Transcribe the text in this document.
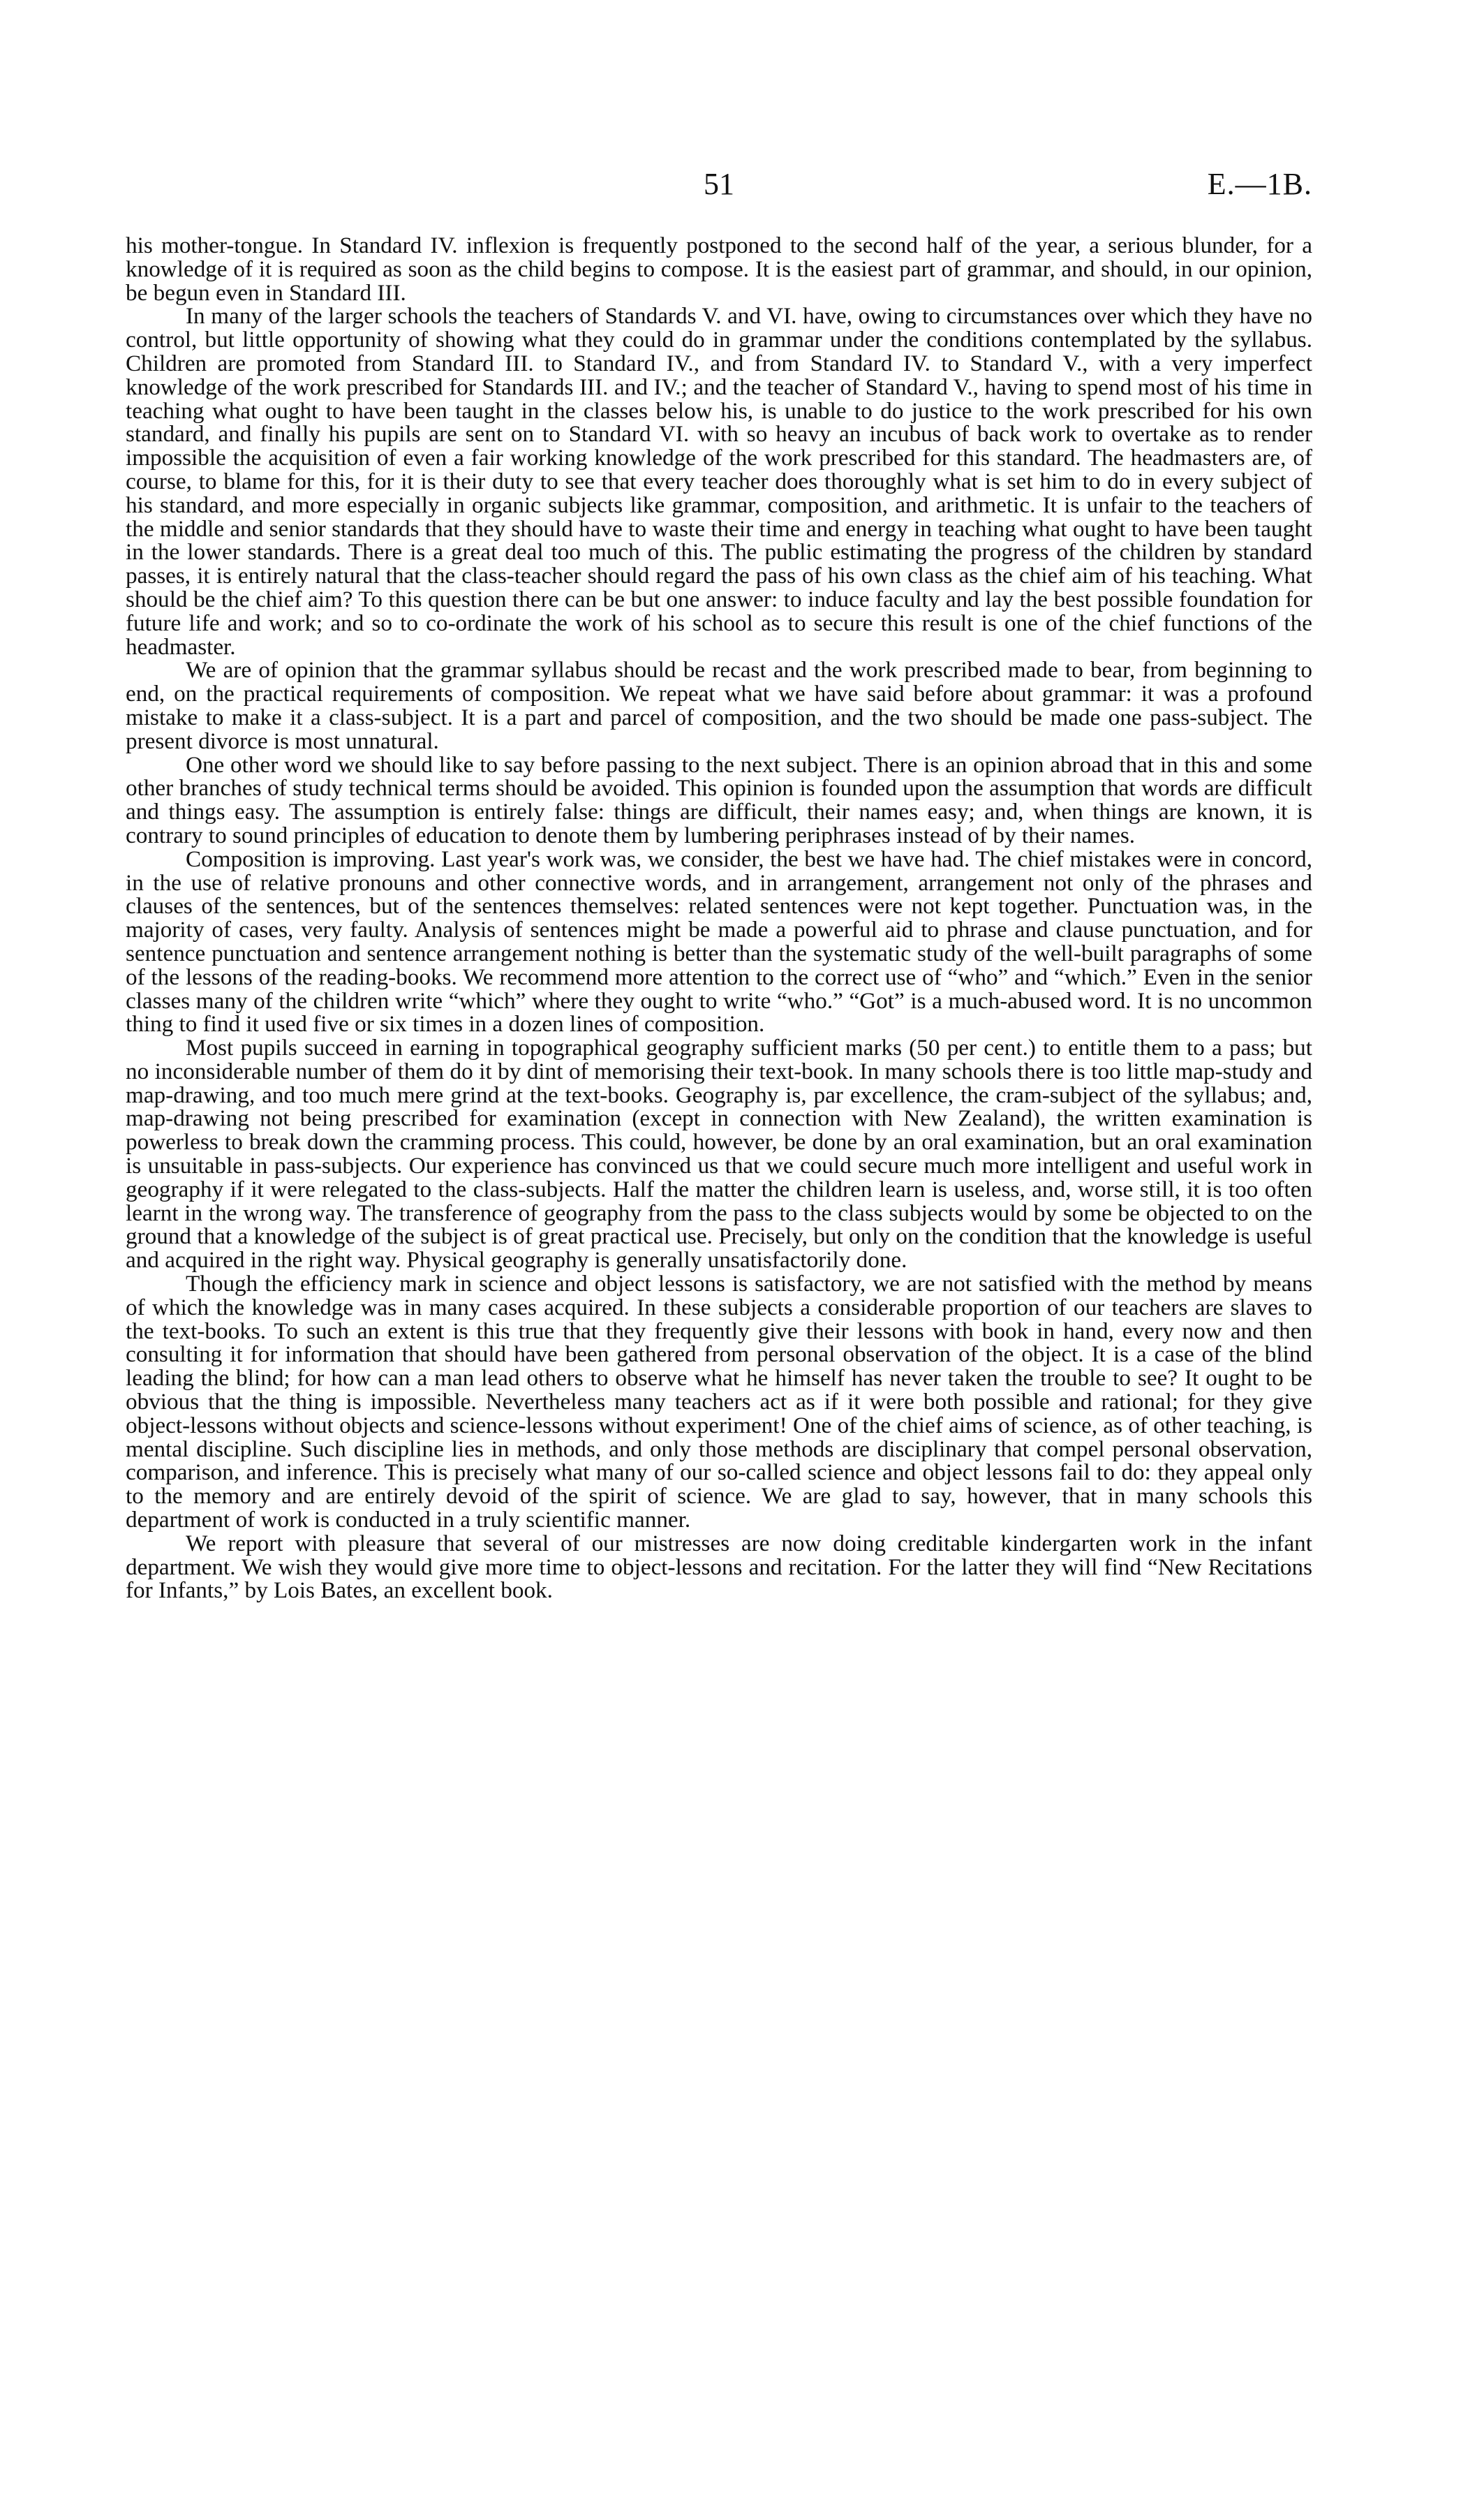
51	E.—1B.

his mother-tongue. In Standard IV. inflexion is frequently postponed to the second half of the year, a serious blunder, for a knowledge of it is required as soon as the child begins to compose. It is the easiest part of grammar, and should, in our opinion, be begun even in Standard III.

In many of the larger schools the teachers of Standards V. and VI. have, owing to circumstances over which they have no control, but little opportunity of showing what they could do in grammar under the conditions contemplated by the syllabus. Children are promoted from Standard III. to Standard IV., and from Standard IV. to Standard V., with a very imperfect knowledge of the work prescribed for Standards III. and IV.; and the teacher of Standard V., having to spend most of his time in teaching what ought to have been taught in the classes below his, is unable to do justice to the work prescribed for his own standard, and finally his pupils are sent on to Standard VI. with so heavy an incubus of back work to overtake as to render impossible the acquisition of even a fair working knowledge of the work prescribed for this standard. The headmasters are, of course, to blame for this, for it is their duty to see that every teacher does thoroughly what is set him to do in every subject of his standard, and more especially in organic subjects like grammar, composition, and arithmetic. It is unfair to the teachers of the middle and senior standards that they should have to waste their time and energy in teaching what ought to have been taught in the lower standards. There is a great deal too much of this. The public estimating the progress of the children by standard passes, it is entirely natural that the class-teacher should regard the pass of his own class as the chief aim of his teaching. What should be the chief aim? To this question there can be but one answer: to induce faculty and lay the best possible foundation for future life and work; and so to co-ordinate the work of his school as to secure this result is one of the chief functions of the headmaster.

We are of opinion that the grammar syllabus should be recast and the work prescribed made to bear, from beginning to end, on the practical requirements of composition. We repeat what we have said before about grammar: it was a profound mistake to make it a class-subject. It is a part and parcel of composition, and the two should be made one pass-subject. The present divorce is most unnatural.

One other word we should like to say before passing to the next subject. There is an opinion abroad that in this and some other branches of study technical terms should be avoided. This opinion is founded upon the assumption that words are difficult and things easy. The assumption is entirely false: things are difficult, their names easy; and, when things are known, it is contrary to sound principles of education to denote them by lumbering periphrases instead of by their names.

Composition is improving. Last year's work was, we consider, the best we have had. The chief mistakes were in concord, in the use of relative pronouns and other connective words, and in arrangement, arrangement not only of the phrases and clauses of the sentences, but of the sentences themselves: related sentences were not kept together. Punctuation was, in the majority of cases, very faulty. Analysis of sentences might be made a powerful aid to phrase and clause punctuation, and for sentence punctuation and sentence arrangement nothing is better than the systematic study of the well-built paragraphs of some of the lessons of the reading-books. We recommend more attention to the correct use of “who” and “which.” Even in the senior classes many of the children write “which” where they ought to write “who.” “Got” is a much-abused word. It is no uncommon thing to find it used five or six times in a dozen lines of composition.

Most pupils succeed in earning in topographical geography sufficient marks (50 per cent.) to entitle them to a pass; but no inconsiderable number of them do it by dint of memorising their text-book. In many schools there is too little map-study and map-drawing, and too much mere grind at the text-books. Geography is, par excellence, the cram-subject of the syllabus; and, map-drawing not being prescribed for examination (except in connection with New Zealand), the written examination is powerless to break down the cramming process. This could, however, be done by an oral examination, but an oral examination is unsuitable in pass-subjects. Our experience has convinced us that we could secure much more intelligent and useful work in geography if it were relegated to the class-subjects. Half the matter the children learn is useless, and, worse still, it is too often learnt in the wrong way. The transference of geography from the pass to the class subjects would by some be objected to on the ground that a knowledge of the subject is of great practical use. Precisely, but only on the condition that the knowledge is useful and acquired in the right way. Physical geography is generally unsatisfactorily done.

Though the efficiency mark in science and object lessons is satisfactory, we are not satisfied with the method by means of which the knowledge was in many cases acquired. In these subjects a considerable proportion of our teachers are slaves to the text-books. To such an extent is this true that they frequently give their lessons with book in hand, every now and then consulting it for information that should have been gathered from personal observation of the object. It is a case of the blind leading the blind; for how can a man lead others to observe what he himself has never taken the trouble to see? It ought to be obvious that the thing is impossible. Nevertheless many teachers act as if it were both possible and rational; for they give object-lessons without objects and science-lessons without experiment! One of the chief aims of science, as of other teaching, is mental discipline. Such discipline lies in methods, and only those methods are disciplinary that compel personal observation, comparison, and inference. This is precisely what many of our so-called science and object lessons fail to do: they appeal only to the memory and are entirely devoid of the spirit of science. We are glad to say, however, that in many schools this department of work is conducted in a truly scientific manner.

We report with pleasure that several of our mistresses are now doing creditable kindergarten work in the infant department. We wish they would give more time to object-lessons and recitation. For the latter they will find “New Recitations for Infants,” by Lois Bates, an excellent book.
